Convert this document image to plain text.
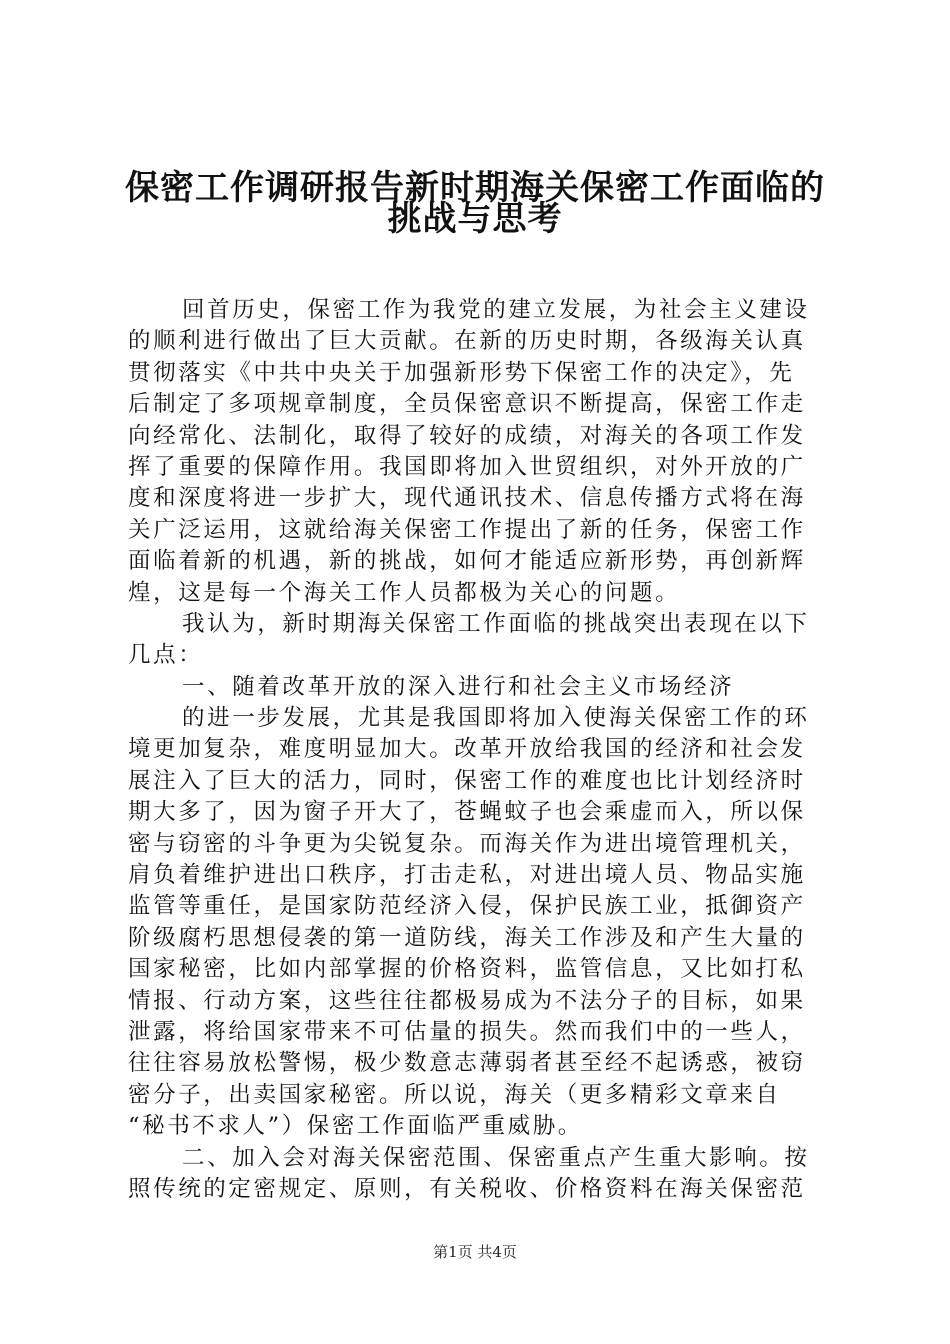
保密工作调研报告新时期海关保密工作面临的
挑战与思考
回首历史，保密工作为我党的建立发展，为社会主义建设
的顺利进行做出了巨大贡献。在新的历史时期，各级海关认真
贯彻落实《中共中央关于加强新形势下保密工作的决定》，先
后制定了多项规章制度，全员保密意识不断提高，保密工作走
向经常化、法制化，取得了较好的成绩，对海关的各项工作发
挥了重要的保障作用。我国即将加入世贸组织，对外开放的广
度和深度将进一步扩大，现代通讯技术、信息传播方式将在海
关广泛运用，这就给海关保密工作提出了新的任务，保密工作
面临着新的机遇，新的挑战，如何才能适应新形势，再创新辉
煌，这是每一个海关工作人员都极为关心的问题。
我认为，新时期海关保密工作面临的挑战突出表现在以下
几点：
一、随着改革开放的深入进行和社会主义市场经济
的进一步发展，尤其是我国即将加入使海关保密工作的环
境更加复杂，难度明显加大。改革开放给我国的经济和社会发
展注入了巨大的活力，同时，保密工作的难度也比计划经济时
期大多了，因为窗子开大了，苍蝇蚊子也会乘虚而入，所以保
密与窃密的斗争更为尖锐复杂。而海关作为进出境管理机关，
肩负着维护进出口秩序，打击走私，对进出境人员、物品实施
监管等重任，是国家防范经济入侵，保护民族工业，抵御资产
阶级腐朽思想侵袭的第一道防线，海关工作涉及和产生大量的
国家秘密，比如内部掌握的价格资料，监管信息，又比如打私
情报、行动方案，这些往往都极易成为不法分子的目标，如果
泄露，将给国家带来不可估量的损失。然而我们中的一些人，
往往容易放松警惕，极少数意志薄弱者甚至经不起诱惑，被窃
密分子，出卖国家秘密。所以说，海关（更多精彩文章来自
“秘书不求人”）保密工作面临严重威胁。
二、加入会对海关保密范围、保密重点产生重大影响。按
照传统的定密规定、原则，有关税收、价格资料在海关保密范
第1页 共4页
